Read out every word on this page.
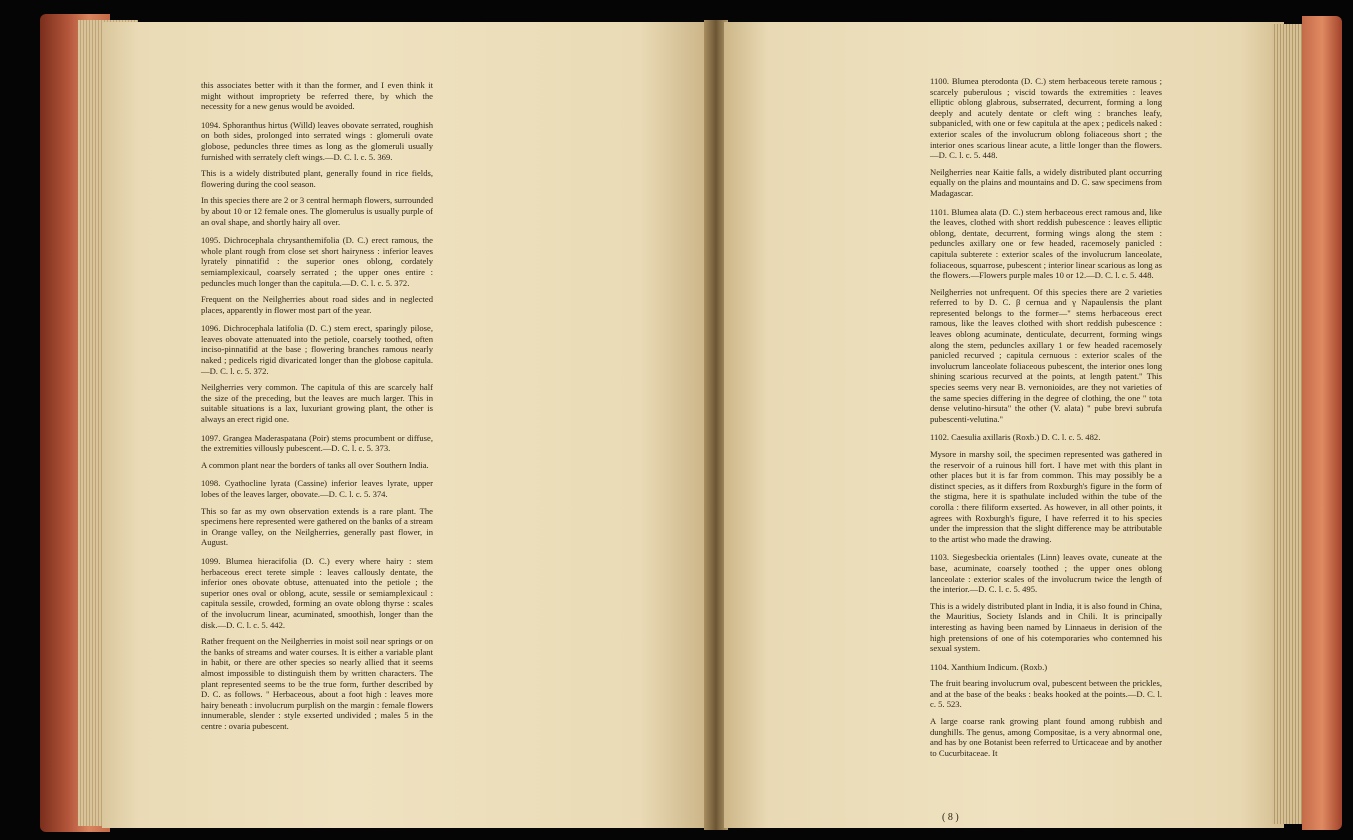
this associates better with it than the former, and I even think it might without impropriety be referred there, by which the necessity for a new genus would be avoided.

1094. Sphoranthus hirtus (Willd) leaves obovate serrated, roughish on both sides, prolonged into serrated wings : glomeruli ovate globose, peduncles three times as long as the glomeruli usually furnished with serrately cleft wings.—D. C. l. c. 5. 369.

This is a widely distributed plant, generally found in rice fields, flowering during the cool season.

In this species there are 2 or 3 central hermaph flowers, surrounded by about 10 or 12 female ones. The glomerulus is usually purple of an oval shape, and shortly hairy all over.

1095. Dichrocephala chrysanthemifolia (D. C.) erect ramous, the whole plant rough from close set short hairyness : inferior leaves lyrately pinnatifid : the superior ones oblong, cordately semiamplexicaul, coarsely serrated ; the upper ones entire : peduncles much longer than the capitula.—D. C. l. c. 5. 372.

Frequent on the Neilgherries about road sides and in neglected places, apparently in flower most part of the year.

1096. Dichrocephala latifolia (D. C.) stem erect, sparingly pilose, leaves obovate attenuated into the petiole, coarsely toothed, often inciso-pinnatifid at the base ; flowering branches ramous nearly naked ; pedicels rigid divaricated longer than the globose capitula.—D. C. l. c. 5. 372.

Neilgherries very common. The capitula of this are scarcely half the size of the preceding, but the leaves are much larger. This in suitable situations is a lax, luxuriant growing plant, the other is always an erect rigid one.

1097. Grangea Maderaspatana (Poir) stems procumbent or diffuse, the extremities villously pubescent.—D. C. l. c. 5. 373.

A common plant near the borders of tanks all over Southern India.

1098. Cyathocline lyrata (Cassine) inferior leaves lyrate, upper lobes of the leaves larger, obovate.—D. C. l. c. 5. 374.

This so far as my own observation extends is a rare plant. The specimens here represented were gathered on the banks of a stream in Orange valley, on the Neilgherries, generally past flower, in August.

1099. Blumea hieracifolia (D. C.) every where hairy : stem herbaceous erect terete simple : leaves callously dentate, the inferior ones obovate obtuse, attenuated into the petiole ; the superior ones oval or oblong, acute, sessile or semiamplexicaul : capitula sessile, crowded, forming an ovate oblong thyrse : scales of the involucrum linear, acuminated, smoothish, longer than the disk.—D. C. l. c. 5. 442.

Rather frequent on the Neilgherries in moist soil near springs or on the banks of streams and water courses. It is either a variable plant in habit, or there are other species so nearly allied that it seems almost impossible to distinguish them by written characters. The plant represented seems to be the true form, further described by D. C. as follows. " Herbaceous, about a foot high : leaves more hairy beneath : involucrum purplish on the margin : female flowers innumerable, slender : style exserted undivided ; males 5 in the centre : ovaria pubescent.

1100. Blumea pterodonta (D. C.) stem herbaceous terete ramous ; scarcely puberulous ; viscid towards the extremities : leaves elliptic oblong glabrous, subserrated, decurrent, forming a long deeply and acutely dentate or cleft wing : branches leafy, subpanicled, with one or few capitula at the apex ; pedicels naked : exterior scales of the involucrum oblong foliaceous short ; the interior ones scarious linear acute, a little longer than the flowers.—D. C. l. c. 5. 448.

Neilgherries near Kaitie falls, a widely distributed plant occurring equally on the plains and mountains and D. C. saw specimens from Madagascar.

1101. Blumea alata (D. C.) stem herbaceous erect ramous and, like the leaves, clothed with short reddish pubescence : leaves elliptic oblong, dentate, decurrent, forming wings along the stem : peduncles axillary one or few headed, racemosely panicled : capitula subterete : exterior scales of the involucrum lanceolate, foliaceous, squarrose, pubescent ; interior linear scarious as long as the flowers.—Flowers purple males 10 or 12.—D. C. l. c. 5. 448.

Neilgherries not unfrequent. Of this species there are 2 varieties referred to by D. C. β cernua and γ Napaulensis the plant represented belongs to the former—" stems herbaceous erect ramous, like the leaves clothed with short reddish pubescence : leaves oblong acuminate, denticulate, decurrent, forming wings along the stem, peduncles axillary 1 or few headed racemosely panicled recurved ; capitula cernuous : exterior scales of the involucrum lanceolate foliaceous pubescent, the interior ones long shining scarious recurved at the points, at length patent." This species seems very near B. vernonioides, are they not varieties of the same species differing in the degree of clothing, the one " tota dense velutino-hirsuta" the other (V. alata) " pube brevi subrufa pubescenti-velutina."

1102. Caesulia axillaris (Roxb.) D. C. l. c. 5. 482.

Mysore in marshy soil, the specimen represented was gathered in the reservoir of a ruinous hill fort. I have met with this plant in other places but it is far from common. This may possibly be a distinct species, as it differs from Roxburgh's figure in the form of the stigma, here it is spathulate included within the tube of the corolla : there filiform exserted. As however, in all other points, it agrees with Roxburgh's figure, I have referred it to his species under the impression that the slight difference may be attributable to the artist who made the drawing.

1103. Siegesbeckia orientales (Linn) leaves ovate, cuneate at the base, acuminate, coarsely toothed ; the upper ones oblong lanceolate : exterior scales of the involucrum twice the length of the interior.—D. C. l. c. 5. 495.

This is a widely distributed plant in India, it is also found in China, the Mauritius, Society Islands and in Chili. It is principally interesting as having been named by Linnaeus in derision of the high pretensions of one of his cotemporaries who contemned his sexual system.

1104. Xanthium Indicum. (Roxb.)

The fruit bearing involucrum oval, pubescent between the prickles, and at the base of the beaks : beaks hooked at the points.—D. C. l. c. 5. 523.

A large coarse rank growing plant found among rubbish and dunghills. The genus, among Compositae, is a very abnormal one, and has by one Botanist been referred to Urticaceae and by another to Cucurbitaceae. It

( 8 )
